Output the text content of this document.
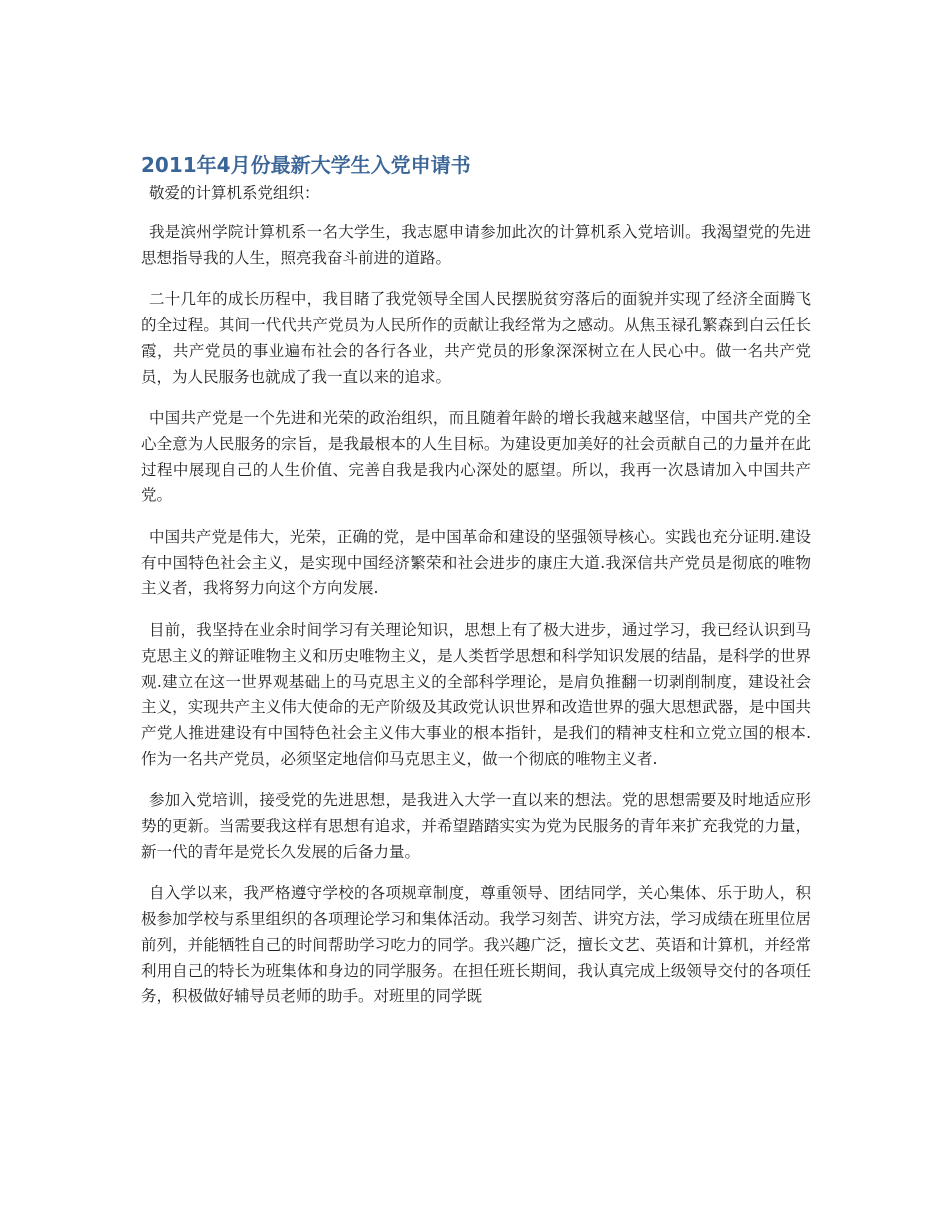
2011年4月份最新大学生入党申请书
敬爱的计算机系党组织：

我是滨州学院计算机系一名大学生，我志愿申请参加此次的计算机系入党培训。我渴望党的先进思想指导我的人生，照亮我奋斗前进的道路。

二十几年的成长历程中，我目睹了我党领导全国人民摆脱贫穷落后的面貌并实现了经济全面腾飞的全过程。其间一代代共产党员为人民所作的贡献让我经常为之感动。从焦玉禄孔繁森到白云任长霞，共产党员的事业遍布社会的各行各业，共产党员的形象深深树立在人民心中。做一名共产党员，为人民服务也就成了我一直以来的追求。

中国共产党是一个先进和光荣的政治组织，而且随着年龄的增长我越来越坚信，中国共产党的全心全意为人民服务的宗旨，是我最根本的人生目标。为建设更加美好的社会贡献自己的力量并在此过程中展现自己的人生价值、完善自我是我内心深处的愿望。所以，我再一次恳请加入中国共产党。

中国共产党是伟大，光荣，正确的党，是中国革命和建设的坚强领导核心。实践也充分证明.建设有中国特色社会主义，是实现中国经济繁荣和社会进步的康庄大道.我深信共产党员是彻底的唯物主义者，我将努力向这个方向发展.

目前，我坚持在业余时间学习有关理论知识，思想上有了极大进步，通过学习，我已经认识到马克思主义的辩证唯物主义和历史唯物主义，是人类哲学思想和科学知识发展的结晶，是科学的世界观.建立在这一世界观基础上的马克思主义的全部科学理论，是肩负推翻一切剥削制度，建设社会主义，实现共产主义伟大使命的无产阶级及其政党认识世界和改造世界的强大思想武器，是中国共产党人推进建设有中国特色社会主义伟大事业的根本指针，是我们的精神支柱和立党立国的根本.作为一名共产党员，必须坚定地信仰马克思主义，做一个彻底的唯物主义者.

参加入党培训，接受党的先进思想，是我进入大学一直以来的想法。党的思想需要及时地适应形势的更新。当需要我这样有思想有追求，并希望踏踏实实为党为民服务的青年来扩充我党的力量，新一代的青年是党长久发展的后备力量。

自入学以来，我严格遵守学校的各项规章制度，尊重领导、团结同学，关心集体、乐于助人，积极参加学校与系里组织的各项理论学习和集体活动。我学习刻苦、讲究方法，学习成绩在班里位居前列，并能牺牲自己的时间帮助学习吃力的同学。我兴趣广泛，擅长文艺、英语和计算机，并经常利用自己的特长为班集体和身边的同学服务。在担任班长期间，我认真完成上级领导交付的各项任务，积极做好辅导员老师的助手。对班里的同学既
